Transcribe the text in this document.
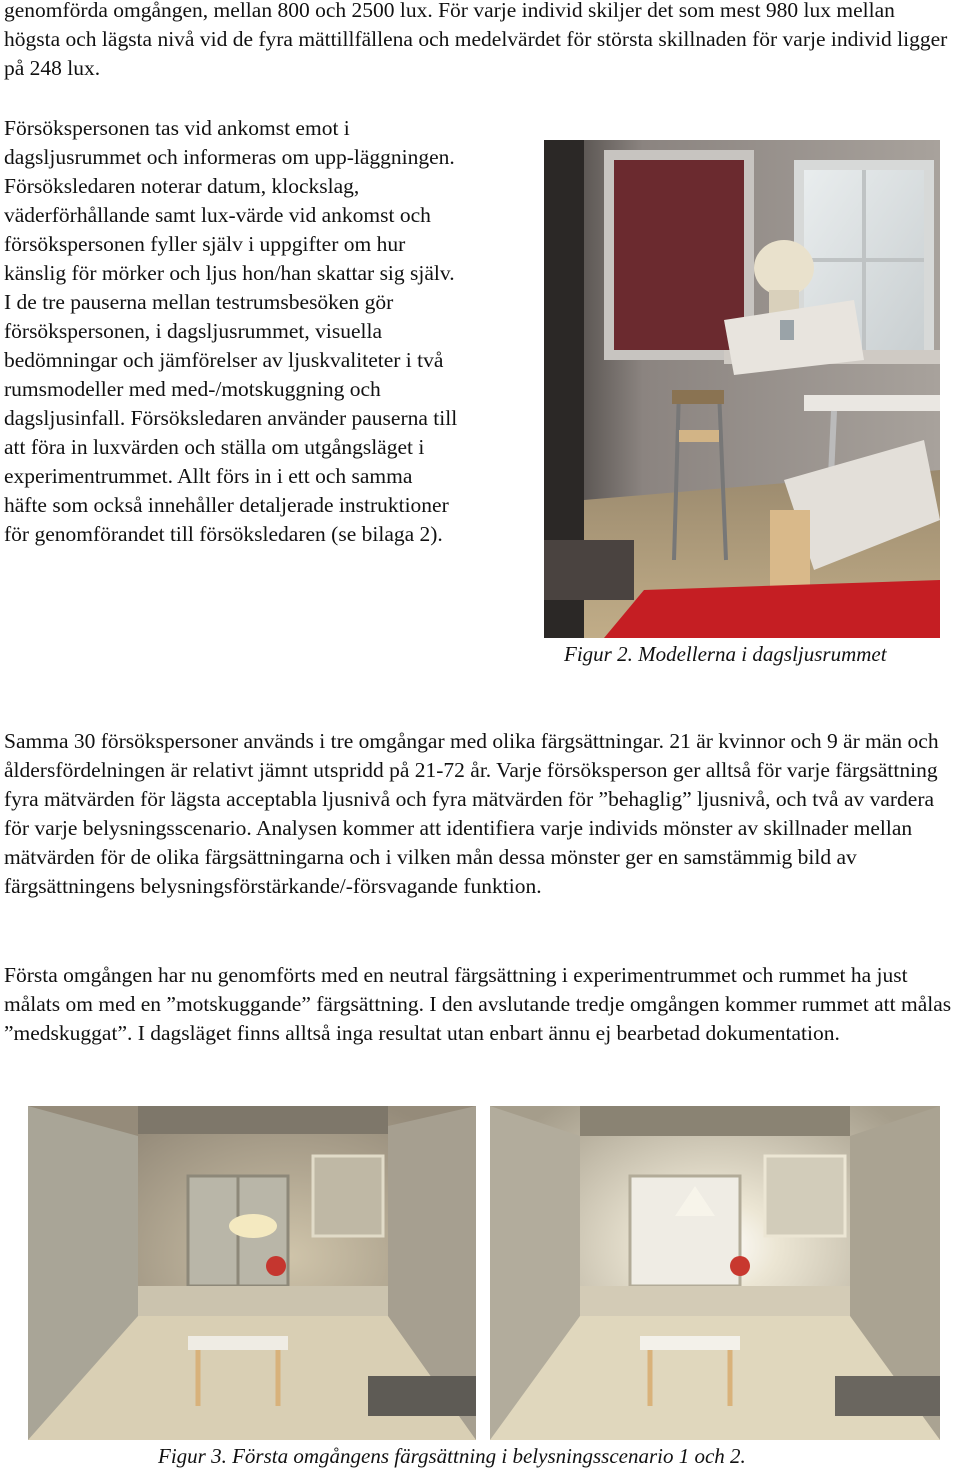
genomförda omgången, mellan 800 och 2500 lux. För varje individ skiljer det som mest 980 lux mellan högsta och lägsta nivå vid de fyra mättillfällena och medelvärdet för största skillnaden för varje individ ligger på 248 lux.

Försökspersonen tas vid ankomst emot i dagsljusrummet och informeras om upp-läggningen. Försöksledaren noterar datum, klockslag, väderförhållande samt lux-värde vid ankomst och försökspersonen fyller själv i uppgifter om hur känslig för mörker och ljus hon/han skattar sig själv. I de tre pauserna mellan testrumsbesöken gör försökspersonen, i dagsljusrummet, visuella bedömningar och jämförelser av ljuskvaliteter i två rumsmodeller med med-/motskuggning och dagsljusinfall. Försöksledaren använder pauserna till att föra in luxvärden och ställa om utgångsläget i experimentrummet. Allt förs in i ett och samma häfte som också innehåller detaljerade instruktioner för genomförandet till försöksledaren (se bilaga 2).

Figur 2. Modellerna i dagsljusrummet

Samma 30 försökspersoner används i tre omgångar med olika färgsättningar. 21 är kvinnor och 9 är män och åldersfördelningen är relativt jämnt utspridd på 21-72 år. Varje försöksperson ger alltså för varje färgsättning fyra mätvärden för lägsta acceptabla ljusnivå och fyra mätvärden för ”behaglig” ljusnivå, och två av vardera för varje belysningsscenario. Analysen kommer att identifiera varje individs mönster av skillnader mellan mätvärden för de olika färgsättningarna och i vilken mån dessa mönster ger en samstämmig bild av färgsättningens belysningsförstärkande/-försvagande funktion.

Första omgången har nu genomförts med en neutral färgsättning i experimentrummet och rummet ha just målats om med en ”motskuggande” färgsättning. I den avslutande tredje omgången kommer rummet att målas ”medskuggat”. I dagsläget finns alltså inga resultat utan enbart ännu ej bearbetad dokumentation.

Figur 3. Första omgångens färgsättning i belysningsscenario 1 och 2.
